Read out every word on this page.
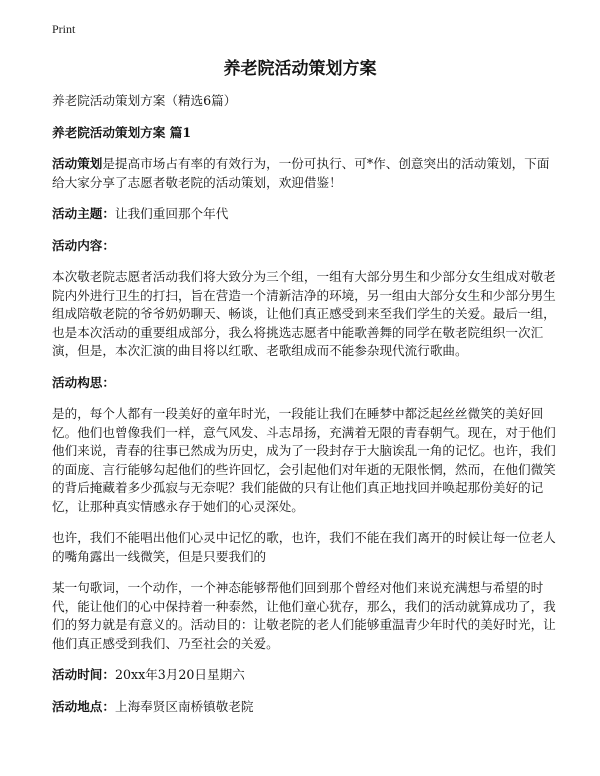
Print
养老院活动策划方案

养老院活动策划方案（精选6篇）

养老院活动策划方案 篇1

活动策划是提高市场占有率的有效行为，一份可执行、可*作、创意突出的活动策划，下面给大家分享了志愿者敬老院的活动策划，欢迎借鉴！

活动主题：让我们重回那个年代

活动内容：

本次敬老院志愿者活动我们将大致分为三个组，一组有大部分男生和少部分女生组成对敬老院内外进行卫生的打扫，旨在营造一个清新洁净的环境，另一组由大部分女生和少部分男生组成陪敬老院的爷爷奶奶聊天、畅谈，让他们真正感受到来至我们学生的关爱。最后一组，也是本次活动的重要组成部分，我么将挑选志愿者中能歌善舞的同学在敬老院组织一次汇演，但是，本次汇演的曲目将以红歌、老歌组成而不能参杂现代流行歌曲。

活动构思：

是的，每个人都有一段美好的童年时光，一段能让我们在睡梦中都泛起丝丝微笑的美好回忆。他们也曾像我们一样，意气风发、斗志昂扬，充满着无限的青春朝气。现在，对于他们他们来说，青春的往事已然成为历史，成为了一段封存于大脑诶乱一角的记忆。也许，我们的面庞、言行能够勾起他们的些许回忆，会引起他们对年逝的无限怅惘，然而，在他们微笑的背后掩藏着多少孤寂与无奈呢？我们能做的只有让他们真正地找回并唤起那份美好的记忆，让那种真实情感永存于她们的心灵深处。

也许，我们不能唱出他们心灵中记忆的歌，也许，我们不能在我们离开的时候让每一位老人的嘴角露出一线微笑，但是只要我们的

某一句歌词，一个动作，一个神态能够帮他们回到那个曾经对他们来说充满想与希望的时代，能让他们的心中保持着一种泰然，让他们童心犹存，那么，我们的活动就算成功了，我们的努力就是有意义的。活动目的：让敬老院的老人们能够重温青少年时代的美好时光，让他们真正感受到我们、乃至社会的关爱。

活动时间：20xx年3月20日星期六

活动地点：上海奉贤区南桥镇敬老院
